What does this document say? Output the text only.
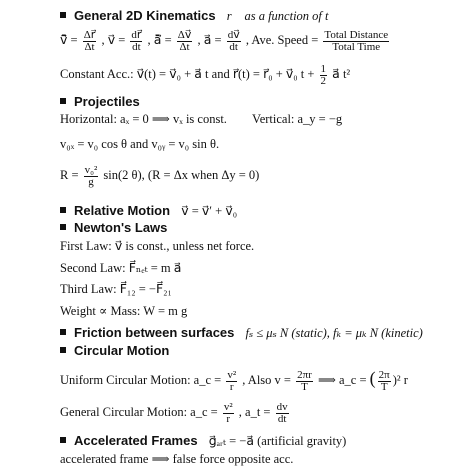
General 2D Kinematics r⃗ as a function of t
v̄⃗ = $\frac{\Delta r⃗}{\Delta t}$ , v⃗ = $\frac{dr⃗}{dt}$ , ā⃗ = $\frac{\Delta v⃗}{\Delta t}$ , a⃗ = $\frac{dv⃗}{dt}$ , Ave. Speed = $\frac{\text{Total Distance}}{\text{Total Time}}$
Constant Acc.: v⃗(t) = v⃗₀ + a⃗ t and r⃗(t) = r⃗₀ + v⃗₀ $t + \frac{1}{2}$ a⃗ t²
Projectiles
Horizontal: aₓ = 0 ⟹ vₓ is const. Vertical: a_y = −g
v₀ₓ = v₀ cos θ and v₀ᵧ = v₀ sin θ.
$R = \frac{\text{v₀²}}{g} \sin(2$ θ), (R = Δx when Δy = 0)
Relative Motion v⃗ = v⃗′ + v⃗₀
Newton's Laws
First Law: v⃗ is const., unless net force.
Second Law: F⃗ₙₑₜ = m a⃗
Third Law: F⃗₁₂ = −F⃗₂₁
Weight ∝ Mass: W = m g
Friction between surfaces fₛ ≤ μₛ N (static), fₖ = μₖ N (kinetic)
Circular Motion
Uniform Circular Motion: a_c = $\frac{\text{v²}}{r}$ , Also $v = \frac{2\pi r}{T}$ ⟹ a_c = ( $\frac{2\pi}{T} )^2$ r
General Circular Motion: a_c = $\frac{\text{v²}}{r}$ , a_t = $\frac{dv}{dt}$
Accelerated Frames g⃗ₐᵣₜ = −a⃗ (artificial gravity)
accelerated frame ⟹ false force opposite acc.
